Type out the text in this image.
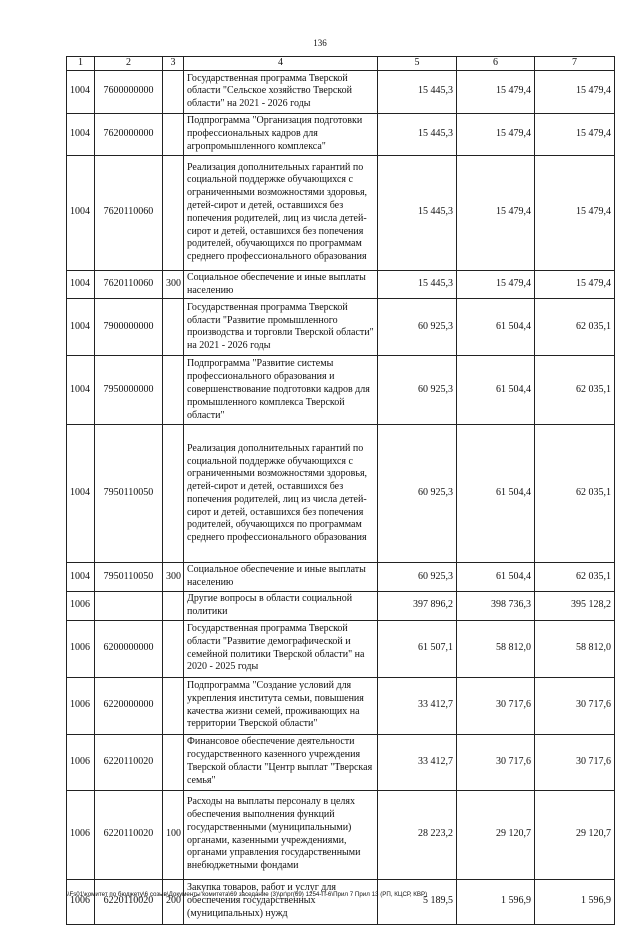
136
1	2	3	4	5	6	7
1004	7600000000		Государственная программа Тверской области "Сельское хозяйство Тверской области" на 2021 - 2026 годы	15 445,3	15 479,4	15 479,4
1004	7620000000		Подпрограмма "Организация подготовки профессиональных кадров для агропромышленного комплекса"	15 445,3	15 479,4	15 479,4
1004	7620110060		Реализация дополнительных гарантий по социальной поддержке обучающихся с ограниченными возможностями здоровья, детей-сирот и детей, оставшихся без попечения родителей, лиц из числа детей-сирот и детей, оставшихся без попечения родителей, обучающихся по программам среднего профессионального образования	15 445,3	15 479,4	15 479,4
1004	7620110060	300	Социальное обеспечение и иные выплаты населению	15 445,3	15 479,4	15 479,4
1004	7900000000		Государственная программа Тверской области "Развитие промышленного производства и торговли Тверской области" на 2021 - 2026 годы	60 925,3	61 504,4	62 035,1
1004	7950000000		Подпрограмма "Развитие системы профессионального образования и совершенствование подготовки кадров для промышленного комплекса Тверской области"	60 925,3	61 504,4	62 035,1
1004	7950110050		Реализация дополнительных гарантий по социальной поддержке обучающихся с ограниченными возможностями здоровья, детей-сирот и детей, оставшихся без попечения родителей, лиц из числа детей-сирот и детей, оставшихся без попечения родителей, обучающихся по программам среднего профессионального образования	60 925,3	61 504,4	62 035,1
1004	7950110050	300	Социальное обеспечение и иные выплаты населению	60 925,3	61 504,4	62 035,1
1006			Другие вопросы в области социальной политики	397 896,2	398 736,3	395 128,2
1006	6200000000		Государственная программа Тверской области "Развитие демографической и семейной политики Тверской области" на 2020 - 2025 годы	61 507,1	58 812,0	58 812,0
1006	6220000000		Подпрограмма "Создание условий для укрепления института семьи, повышения качества жизни семей, проживающих на территории Тверской области"	33 412,7	30 717,6	30 717,6
1006	6220110020		Финансовое обеспечение деятельности государственного казенного учреждения Тверской области "Центр выплат "Тверская семья"	33 412,7	30 717,6	30 717,6
1006	6220110020	100	Расходы на выплаты персоналу в целях обеспечения выполнения функций государственными (муниципальными) органами, казенными учреждениями, органами управления государственными внебюджетными фондами	28 223,2	29 120,7	29 120,7
1006	6220110020	200	Закупка товаров, работ и услуг для обеспечения государственных (муниципальных) нужд	5 189,5	1 596,9	1 596,9
\\Fs01\комитет по бюджету\6 созыв\Документы комитета\69 заседание (3)\рг\рг(69) 1254-П-6\Прил 7 Прил 13 (РП, КЦСР, КВР)
